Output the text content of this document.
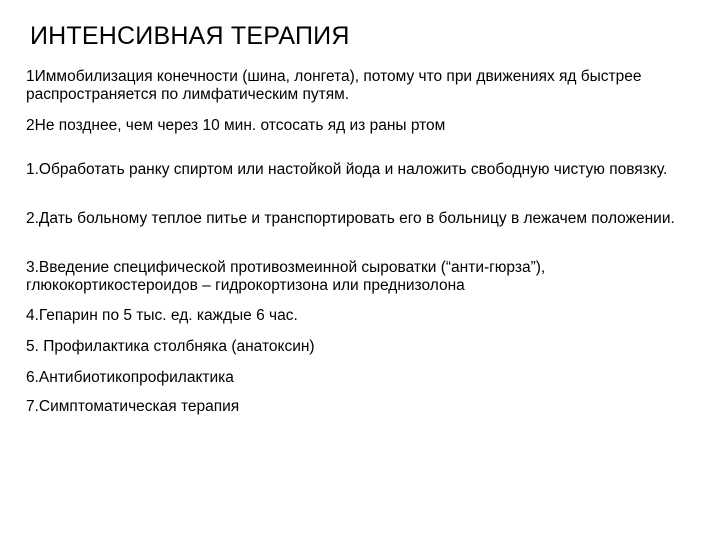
ИНТЕНСИВНАЯ ТЕРАПИЯ

1Иммобилизация конечности (шина, лонгета), потому что при движениях яд быстрее распространяется по лимфатическим путям.

2Не позднее, чем через 10 мин. отсосать яд из раны ртом

1.Обработать ранку спиртом или настойкой йода и наложить свободную чистую повязку.

2.Дать больному теплое питье и транспортировать его в больницу в лежачем положении.

3.Введение специфической противозмеинной сыроватки (“анти-гюрза”), глюкокортикостероидов – гидрокортизона или преднизолона

4.Гепарин по 5 тыс. ед. каждые 6 час.

5. Профилактика столбняка (анатоксин)

6.Антибиотикопрофилактика

7.Симптоматическая терапия
